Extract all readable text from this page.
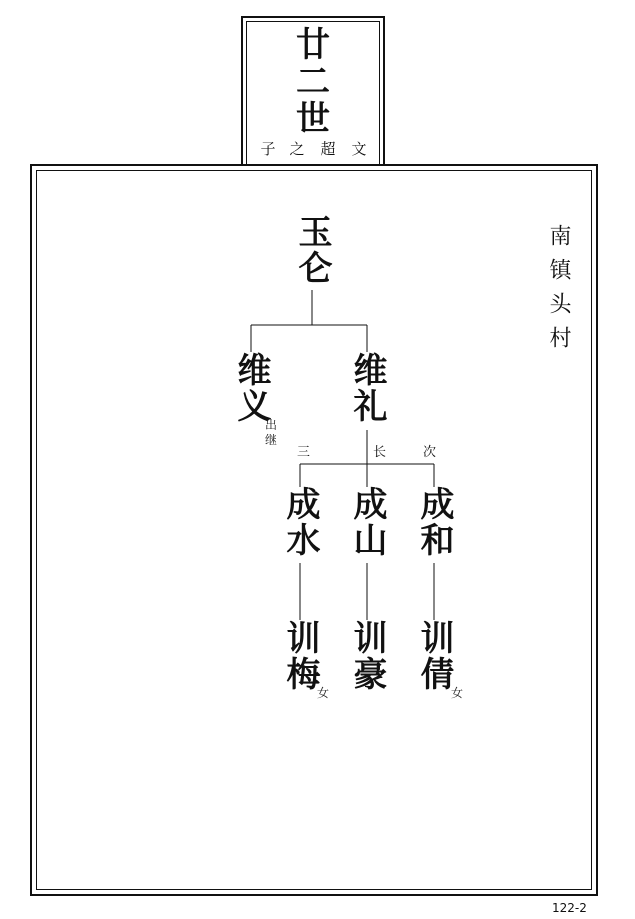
廿
二
世
子 之 超 文
玉仑
维义
出
继
维礼
三	长	次
成水 成山 成和
训梅
女
训豪 训倩
女
南镇头村
122-2
